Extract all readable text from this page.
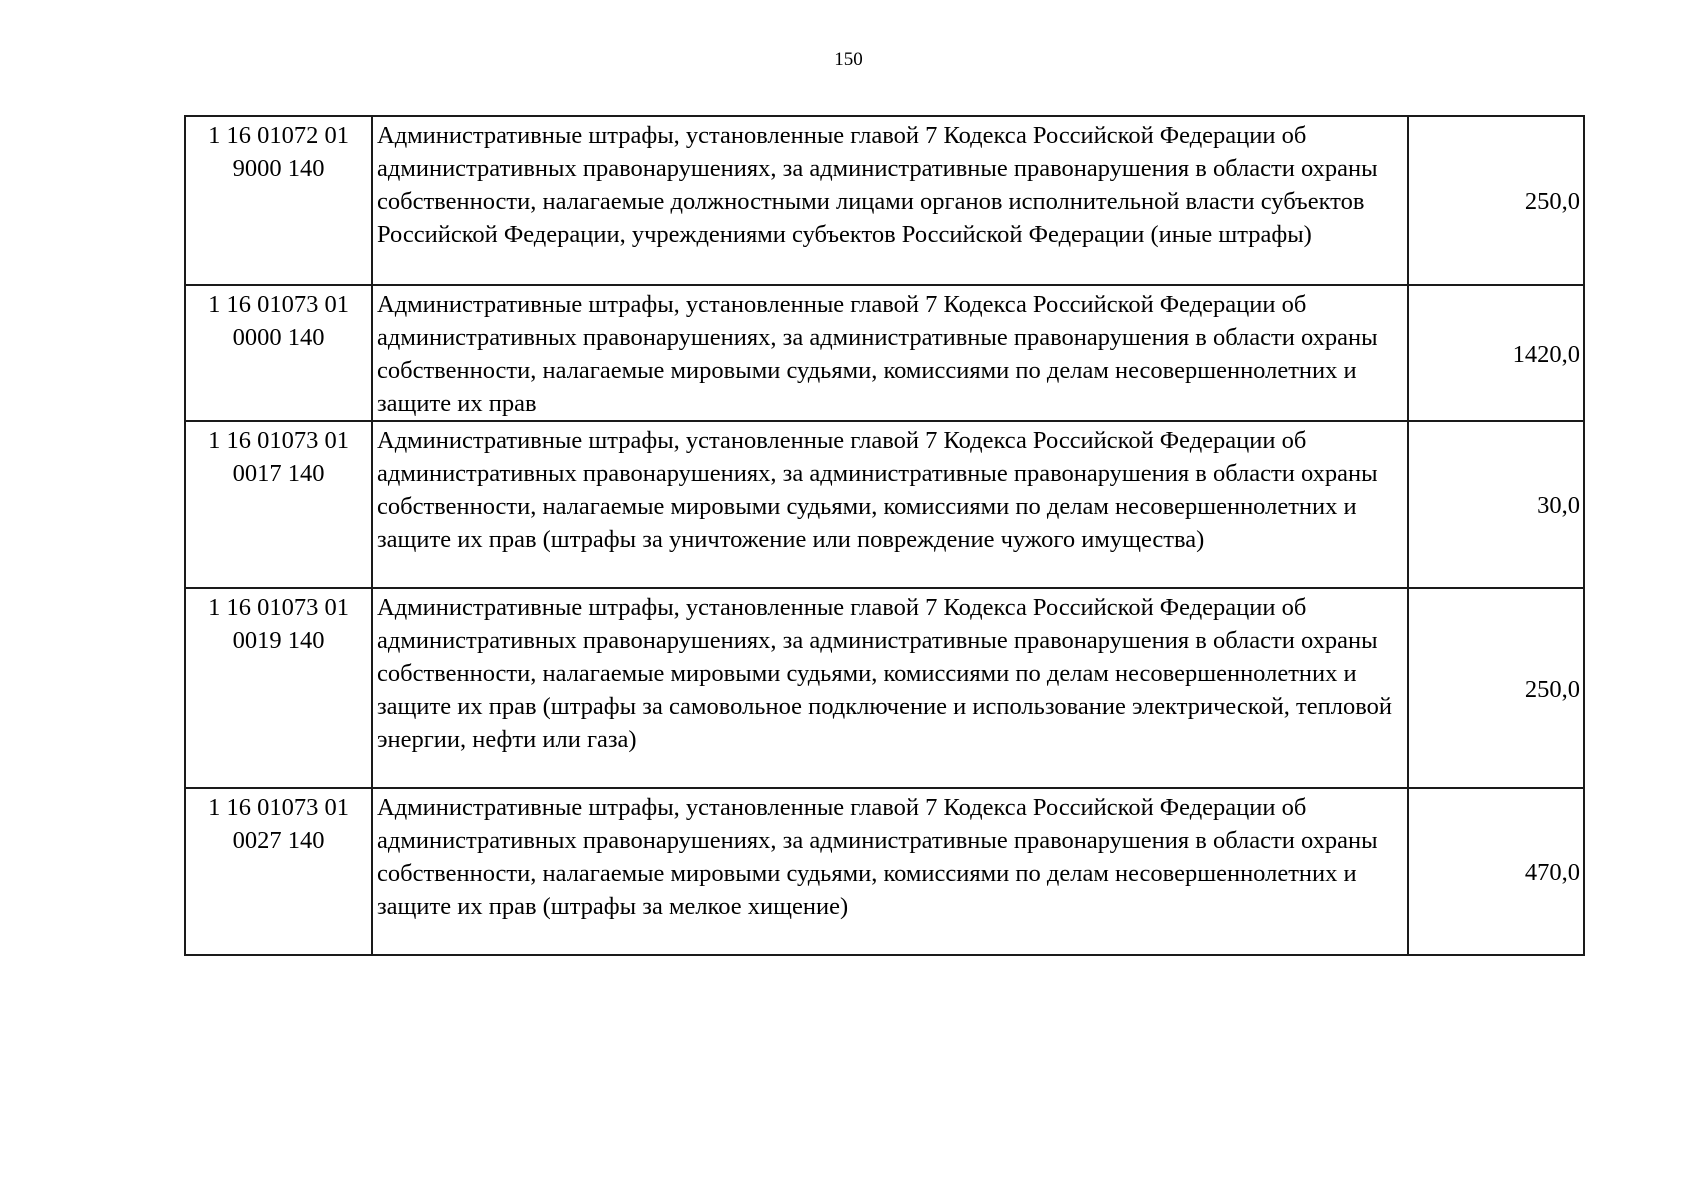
150
1 16 01072 01
9000 140	Административные штрафы, установленные главой 7 Кодекса Российской Федерации об административных правонарушениях, за административные правонарушения в области охраны собственности, налагаемые должностными лицами органов исполнительной власти субъектов Российской Федерации, учреждениями субъектов Российской Федерации (иные штрафы)	250,0

1 16 01073 01
0000 140	Административные штрафы, установленные главой 7 Кодекса Российской Федерации об административных правонарушениях, за административные правонарушения в области охраны собственности, налагаемые мировыми судьями, комиссиями по делам несовершеннолетних и защите их прав	1420,0

1 16 01073 01
0017 140	Административные штрафы, установленные главой 7 Кодекса Российской Федерации об административных правонарушениях, за административные правонарушения в области охраны собственности, налагаемые мировыми судьями, комиссиями по делам несовершеннолетних и защите их прав (штрафы за уничтожение или повреждение чужого имущества)	30,0

1 16 01073 01
0019 140	Административные штрафы, установленные главой 7 Кодекса Российской Федерации об административных правонарушениях, за административные правонарушения в области охраны собственности, налагаемые мировыми судьями, комиссиями по делам несовершеннолетних и защите их прав (штрафы за самовольное подключение и использование электрической, тепловой энергии, нефти или газа)	250,0

1 16 01073 01
0027 140	Административные штрафы, установленные главой 7 Кодекса Российской Федерации об административных правонарушениях, за административные правонарушения в области охраны собственности, налагаемые мировыми судьями, комиссиями по делам несовершеннолетних и защите их прав (штрафы за мелкое хищение)	470,0
